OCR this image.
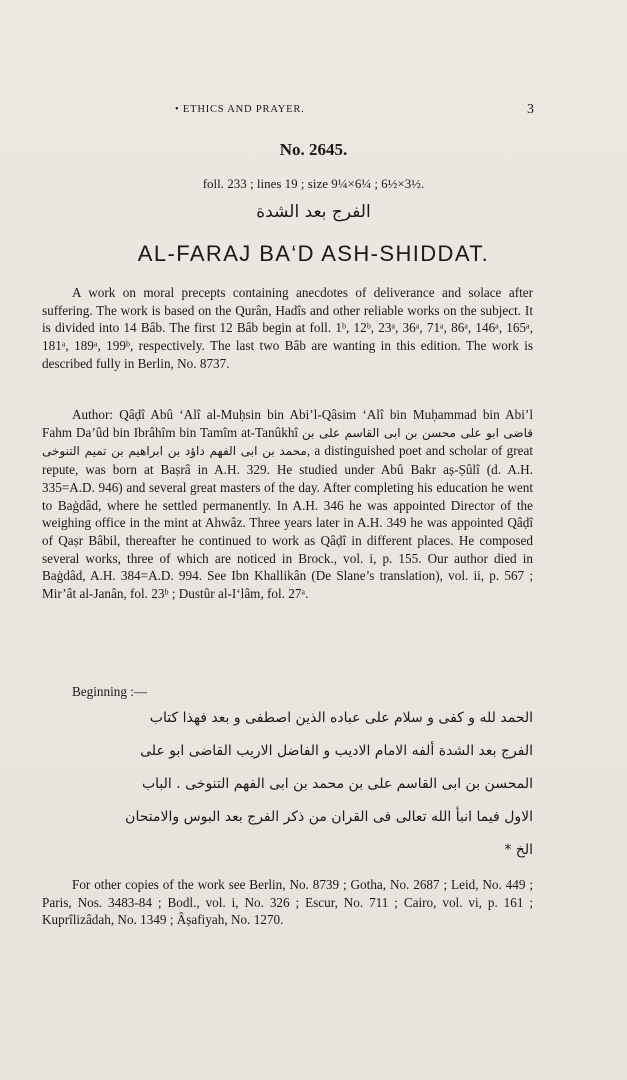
• ETHICS AND PRAYER.	3
No. 2645.
foll. 233 ; lines 19 ; size 9¼×6¼ ; 6½×3½.
الفرج بعد الشدة
AL-FARAJ BA‘D ASH-SHIDDAT.

A work on moral precepts containing anecdotes of deliverance and solace after suffering. The work is based on the Qurân, Hadîs and other reliable works on the subject. It is divided into 14 Bâb. The first 12 Bâb begin at foll. 1ᵇ, 12ᵇ, 23ᵃ, 36ᵃ, 71ᵃ, 86ᵃ, 146ᵃ, 165ᵃ, 181ᵃ, 189ᵃ, 199ᵇ, respectively. The last two Bâb are wanting in this edition. The work is described fully in Berlin, No. 8737.

Author: Qâḍî Abû ‘Alî al-Muḥsin bin Abi’l-Qâsim ‘Alî bin Muḥammad bin Abi’l Fahm Da’ûd bin Ibrâhîm bin Tamîm at-Tanûkhî قاضی ابو علی محسن بن ابی القاسم علی بن محمد بن ابی الفهم داؤد بن ابراهیم بن تمیم التنوخی, a distinguished poet and scholar of great repute, was born at Baṣrâ in A.H. 329. He studied under Abû Bakr aṣ-Ṣûlî (d. A.H. 335=A.D. 946) and several great masters of the day. After completing his education he went to Baġdâd, where he settled permanently. In A.H. 346 he was appointed Director of the weighing office in the mint at Ahwâz. Three years later in A.H. 349 he was appointed Qâḍî of Qaṣr Bâbil, thereafter he continued to work as Qâḍî in different places. He composed several works, three of which are noticed in Brock., vol. i, p. 155. Our author died in Baġdâd, A.H. 384=A.D. 994. See Ibn Khallikân (De Slane’s translation), vol. ii, p. 567 ; Mir’ât al-Janân, fol. 23ᵇ ; Dustûr al-I‘lâm, fol. 27ᵃ.

Beginning :—
الحمد لله و كفى و سلام على عباده الذين اصطفى و بعد فهذا كتاب
الفرج بعد الشدة ألفه الامام الاديب و الفاضل الاريب القاضی ابو علی
المحسن بن ابی القاسم علی بن محمد بن ابی الفهم التنوخی . الباب
الاول فيما انبأ الله تعالى فى القران من ذكر الفرج بعد البوس والامتحان
الخ *

For other copies of the work see Berlin, No. 8739 ; Gotha, No. 2687 ; Leid, No. 449 ; Paris, Nos. 3483-84 ; Bodl., vol. i, No. 326 ; Escur, No. 711 ; Cairo, vol. vi, p. 161 ; Kuprîlizâdah, No. 1349 ; Âṣafiyah, No. 1270.
